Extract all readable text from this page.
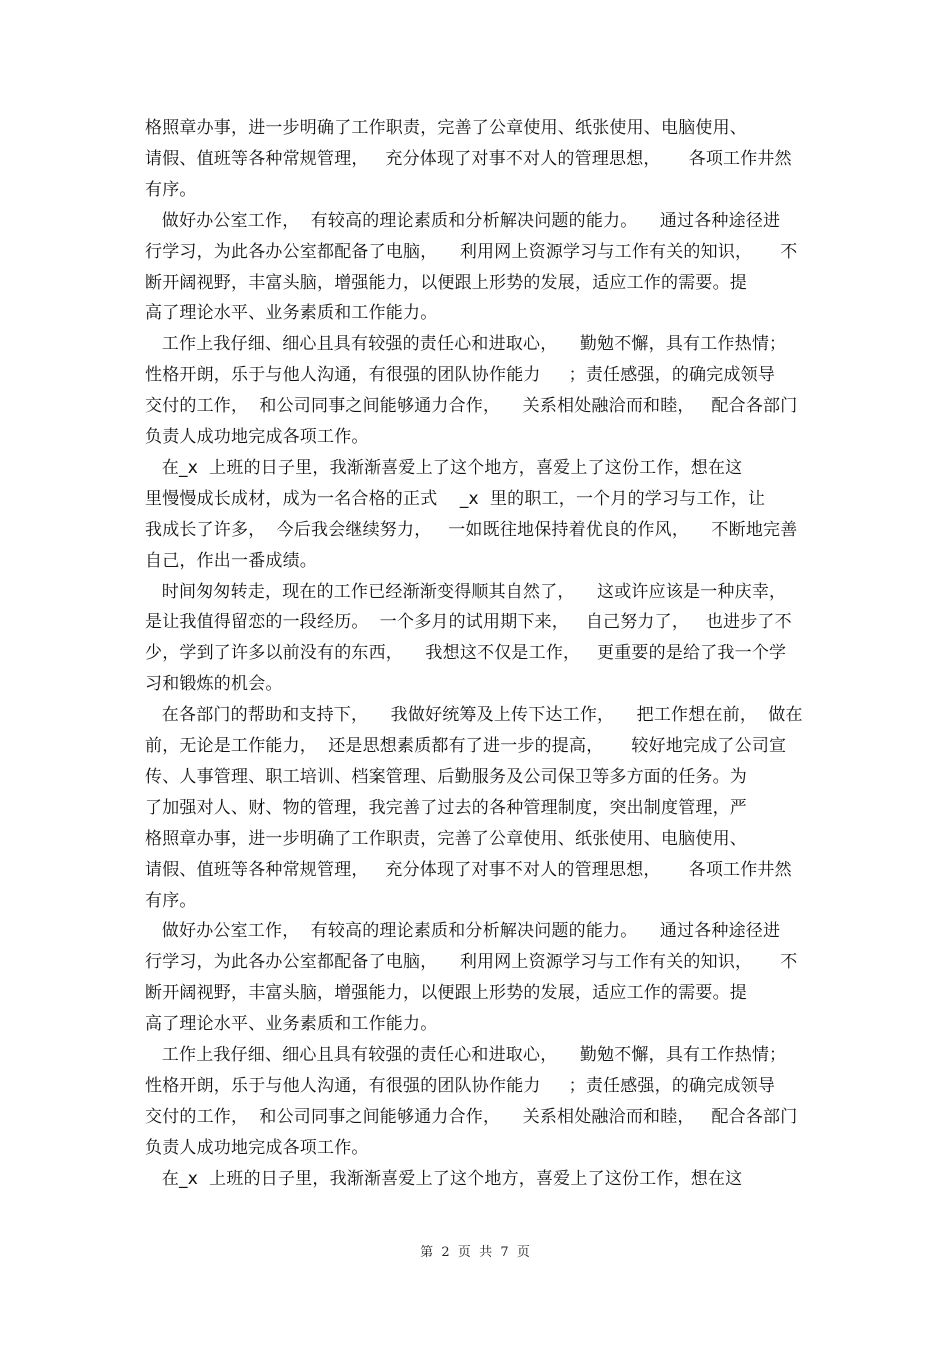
格照章办事，进一步明确了工作职责，完善了公章使用、纸张使用、电脑使用、
请假、值班等各种常规管理，   充分体现了对事不对人的管理思想，     各项工作井然
有序。
做好办公室工作，  有较高的理论素质和分析解决问题的能力。    通过各种途径进
行学习，为此各办公室都配备了电脑，    利用网上资源学习与工作有关的知识，     不
断开阔视野，丰富头脑，增强能力，以便跟上形势的发展，适应工作的需要。提
高了理论水平、业务素质和工作能力。
工作上我仔细、细心且具有较强的责任心和进取心，    勤勉不懈，具有工作热情；
性格开朗，乐于与他人沟通，有很强的团队协作能力     ；责任感强，的确完成领导
交付的工作，  和公司同事之间能够通力合作，    关系相处融洽而和睦，   配合各部门
负责人成功地完成各项工作。
在_x  上班的日子里，我渐渐喜爱上了这个地方，喜爱上了这份工作，想在这
里慢慢成长成材，成为一名合格的正式    _x  里的职工，一个月的学习与工作，让
我成长了许多，  今后我会继续努力，   一如既往地保持着优良的作风，    不断地完善
自己，作出一番成绩。
时间匆匆转走，现在的工作已经渐渐变得顺其自然了，    这或许应该是一种庆幸，
是让我值得留恋的一段经历。  一个多月的试用期下来，   自己努力了，   也进步了不
少，学到了许多以前没有的东西，    我想这不仅是工作，   更重要的是给了我一个学
习和锻炼的机会。
在各部门的帮助和支持下，    我做好统筹及上传下达工作，    把工作想在前，  做在
前，无论是工作能力，  还是思想素质都有了进一步的提高，     较好地完成了公司宣
传、人事管理、职工培训、档案管理、后勤服务及公司保卫等多方面的任务。为
了加强对人、财、物的管理，我完善了过去的各种管理制度，突出制度管理，严
格照章办事，进一步明确了工作职责，完善了公章使用、纸张使用、电脑使用、
请假、值班等各种常规管理，   充分体现了对事不对人的管理思想，     各项工作井然
有序。
做好办公室工作，  有较高的理论素质和分析解决问题的能力。    通过各种途径进
行学习，为此各办公室都配备了电脑，    利用网上资源学习与工作有关的知识，     不
断开阔视野，丰富头脑，增强能力，以便跟上形势的发展，适应工作的需要。提
高了理论水平、业务素质和工作能力。
工作上我仔细、细心且具有较强的责任心和进取心，    勤勉不懈，具有工作热情；
性格开朗，乐于与他人沟通，有很强的团队协作能力     ；责任感强，的确完成领导
交付的工作，  和公司同事之间能够通力合作，    关系相处融洽而和睦，   配合各部门
负责人成功地完成各项工作。
在_x  上班的日子里，我渐渐喜爱上了这个地方，喜爱上了这份工作，想在这
第  2  页  共  7  页
